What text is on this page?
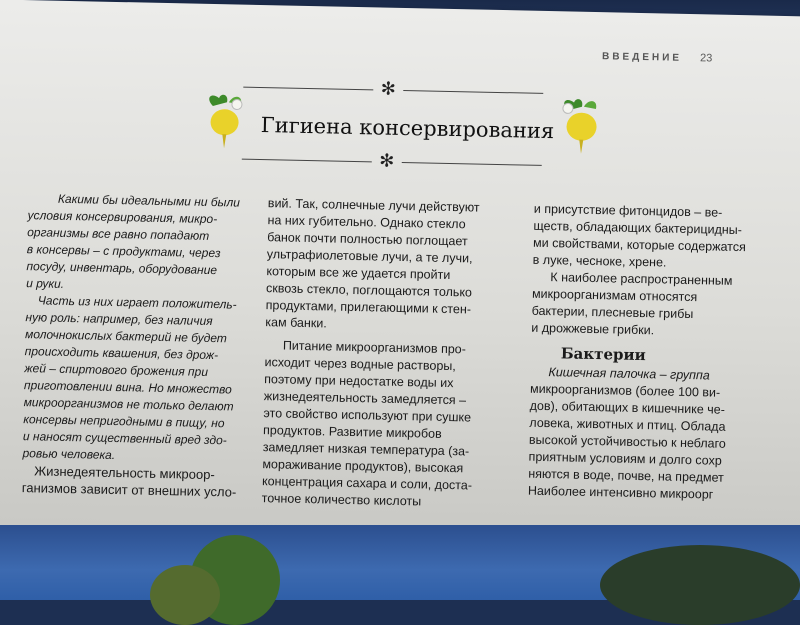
ВВЕДЕНИЕ 23
✻
Гигиена консервирования
✻

Какими бы идеальными ни были

условия консервирования, микро-

организмы все равно попадают

в консервы – с продуктами, через

посуду, инвентарь, оборудование

и руки.

Часть из них играет положитель-

ную роль: например, без наличия

молочнокислых бактерий не будет

происходить квашения, без дрож-

жей – спиртового брожения при

приготовлении вина. Но множество

микроорганизмов не только делают

консервы непригодными в пищу, но

и наносят существенный вред здо-

ровью человека.

Жизнедеятельность микроор-

ганизмов зависит от внешних усло-

вий. Так, солнечные лучи действуют

на них губительно. Однако стекло

банок почти полностью поглощает

ультрафиолетовые лучи, а те лучи,

которым все же удается пройти

сквозь стекло, поглощаются только

продуктами, прилегающими к стен-

кам банки.

Питание микроорганизмов про-

исходит через водные растворы,

поэтому при недостатке воды их

жизнедеятельность замедляется –

это свойство используют при сушке

продуктов. Развитие микробов

замедляет низкая температура (за-

мораживание продуктов), высокая

концентрация сахара и соли, доста-

точное количество кислоты

и присутствие фитонцидов – ве-

ществ, обладающих бактерицидны-

ми свойствами, которые содержатся

в луке, чесноке, хрене.

К наиболее распространенным

микроорганизмам относятся

бактерии, плесневые грибы

и дрожжевые грибки.

Бактерии

Кишечная палочка – группа

микроорганизмов (более 100 ви-

дов), обитающих в кишечнике че-

ловека, животных и птиц. Облада

высокой устойчивостью к неблаго

приятным условиям и долго сохр

няются в воде, почве, на предмет

Наиболее интенсивно микроорг
